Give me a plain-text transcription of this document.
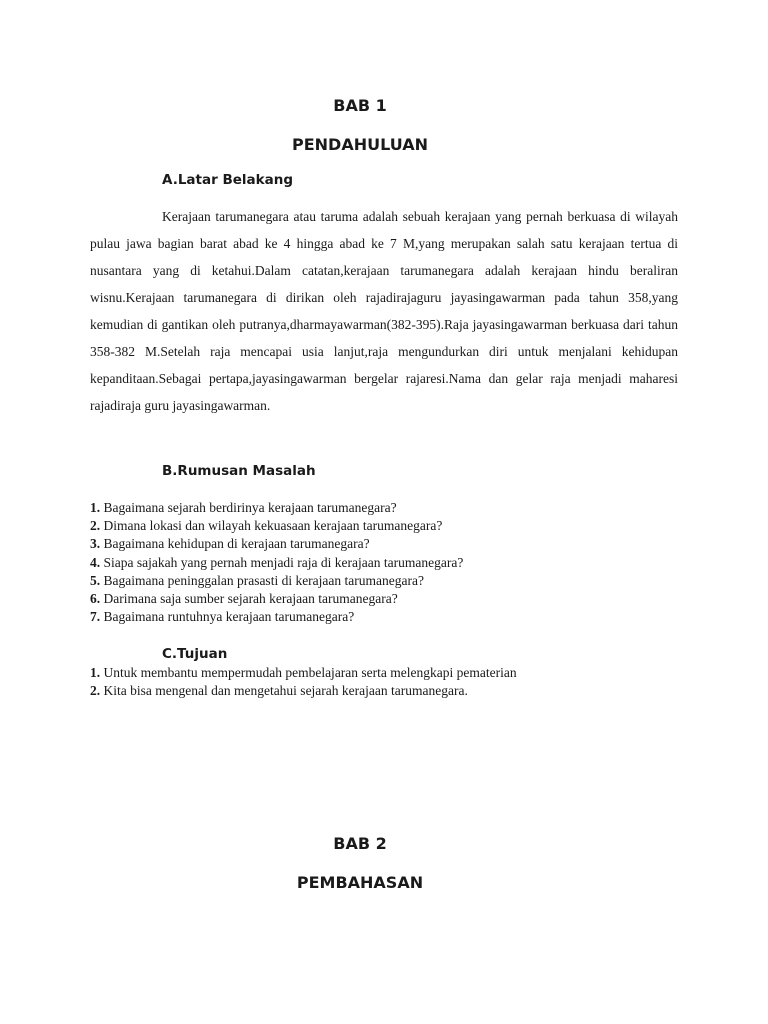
BAB 1
PENDAHULUAN
A.Latar Belakang

Kerajaan tarumanegara atau taruma adalah sebuah kerajaan yang pernah berkuasa di wilayah pulau jawa bagian barat abad ke 4 hingga abad ke 7 M,yang merupakan salah satu kerajaan tertua di nusantara yang di ketahui.Dalam catatan,kerajaan tarumanegara adalah kerajaan hindu beraliran wisnu.Kerajaan tarumanegara di dirikan oleh rajadirajaguru jayasingawarman pada tahun 358,yang kemudian di gantikan oleh putranya,dharmayawarman(382-395).Raja jayasingawarman berkuasa dari tahun 358-382 M.Setelah raja mencapai usia lanjut,raja mengundurkan diri untuk menjalani kehidupan kepanditaan.Sebagai pertapa,jayasingawarman bergelar rajaresi.Nama dan gelar raja menjadi maharesi rajadiraja guru jayasingawarman.

B.Rumusan Masalah
1. Bagaimana sejarah berdirinya kerajaan tarumanegara?
2. Dimana lokasi dan wilayah kekuasaan kerajaan tarumanegara?
3. Bagaimana kehidupan di kerajaan tarumanegara?
4. Siapa sajakah yang pernah menjadi raja di kerajaan tarumanegara?
5. Bagaimana peninggalan prasasti di kerajaan tarumanegara?
6. Darimana saja sumber sejarah kerajaan tarumanegara?
7. Bagaimana runtuhnya kerajaan tarumanegara?
C.Tujuan
1. Untuk membantu mempermudah pembelajaran serta melengkapi pematerian
2. Kita bisa mengenal dan mengetahui sejarah kerajaan tarumanegara.
BAB 2
PEMBAHASAN
